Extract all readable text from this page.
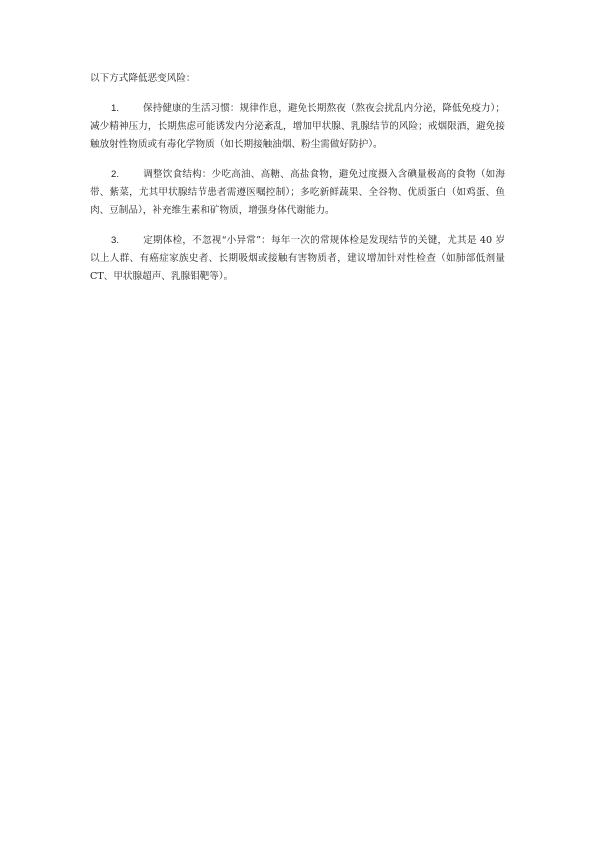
以下方式降低恶变风险：

1. 保持健康的生活习惯：规律作息，避免长期熬夜（熬夜会扰乱内分泌，降低免疫力）；减少精神压力，长期焦虑可能诱发内分泌紊乱，增加甲状腺、乳腺结节的风险；戒烟限酒，避免接触放射性物质或有毒化学物质（如长期接触油烟、粉尘需做好防护）。

2. 调整饮食结构：少吃高油、高糖、高盐食物，避免过度摄入含碘量极高的食物（如海带、紫菜，尤其甲状腺结节患者需遵医嘱控制）；多吃新鲜蔬果、全谷物、优质蛋白（如鸡蛋、鱼肉、豆制品），补充维生素和矿物质，增强身体代谢能力。

3. 定期体检，不忽视“小异常”：每年一次的常规体检是发现结节的关键，尤其是 40 岁以上人群、有癌症家族史者、长期吸烟或接触有害物质者，建议增加针对性检查（如肺部低剂量 CT、甲状腺超声、乳腺钼靶等）。
